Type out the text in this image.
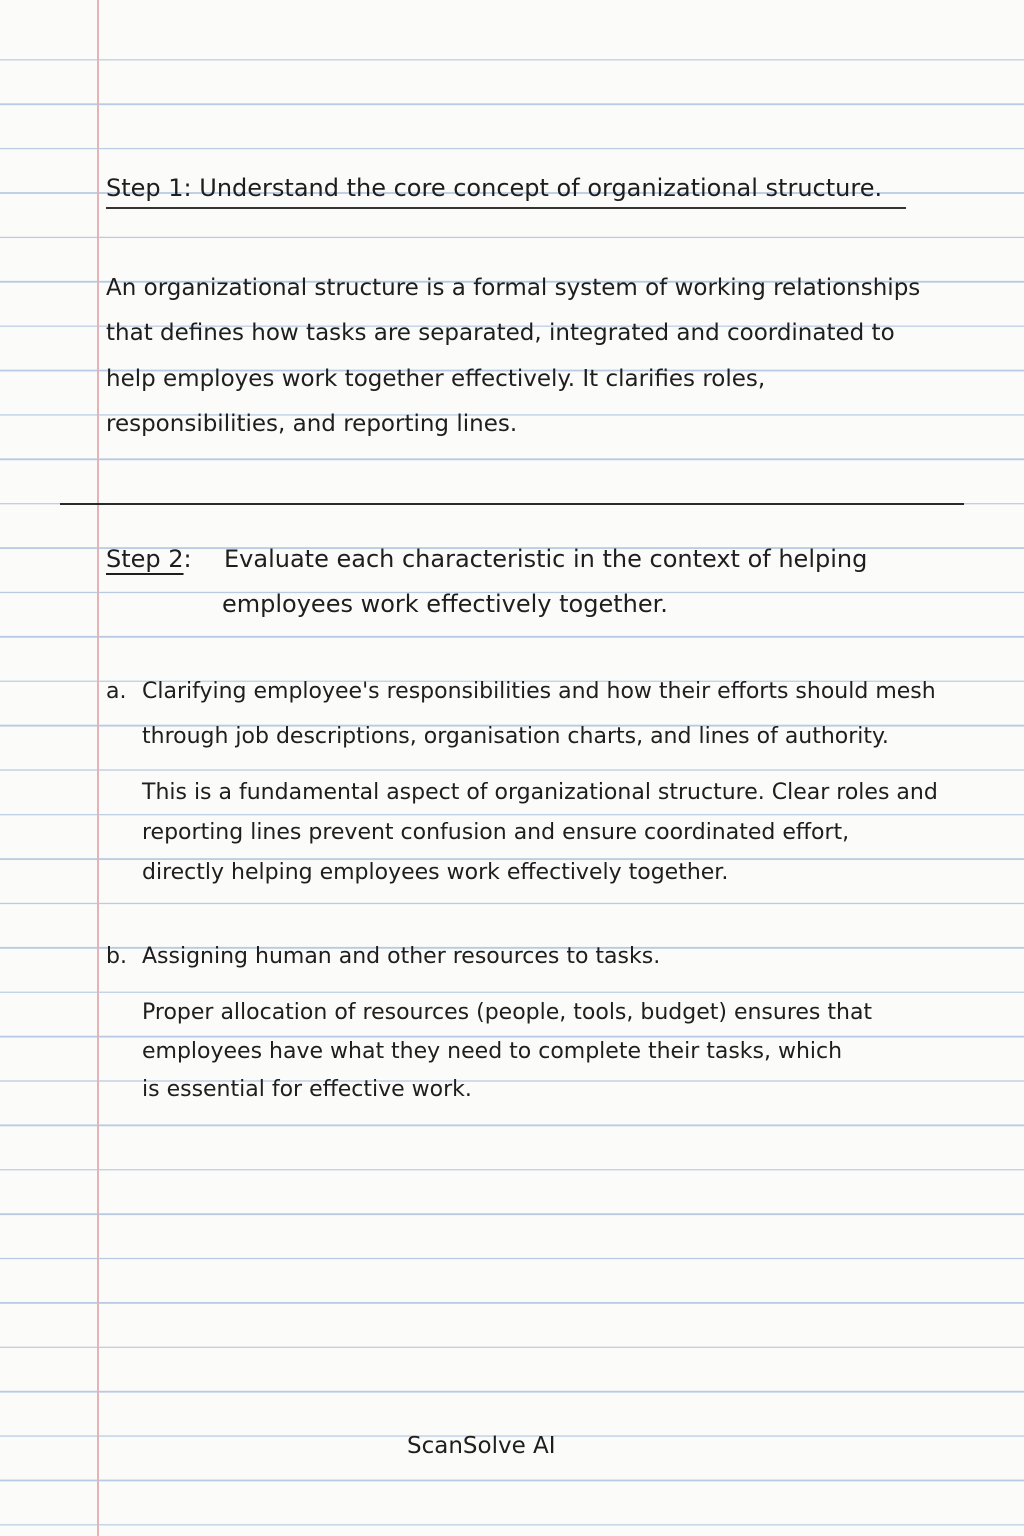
Step 1: Understand the core concept of organizational structure.
An organizational structure is a formal system of working relationships
that defines how tasks are separated, integrated and coordinated to
help employes work together effectively. It clarifies roles,
responsibilities, and reporting lines.
Step 2: Evaluate each characteristic in the context of helping
employees work effectively together.
a. Clarifying employee's responsibilities and how their efforts should mesh
through job descriptions, organisation charts, and lines of authority.
This is a fundamental aspect of organizational structure. Clear roles and
reporting lines prevent confusion and ensure coordinated effort,
directly helping employees work effectively together.
b. Assigning human and other resources to tasks.
Proper allocation of resources (people, tools, budget) ensures that
employees have what they need to complete their tasks, which
is essential for effective work.
ScanSolve AI
